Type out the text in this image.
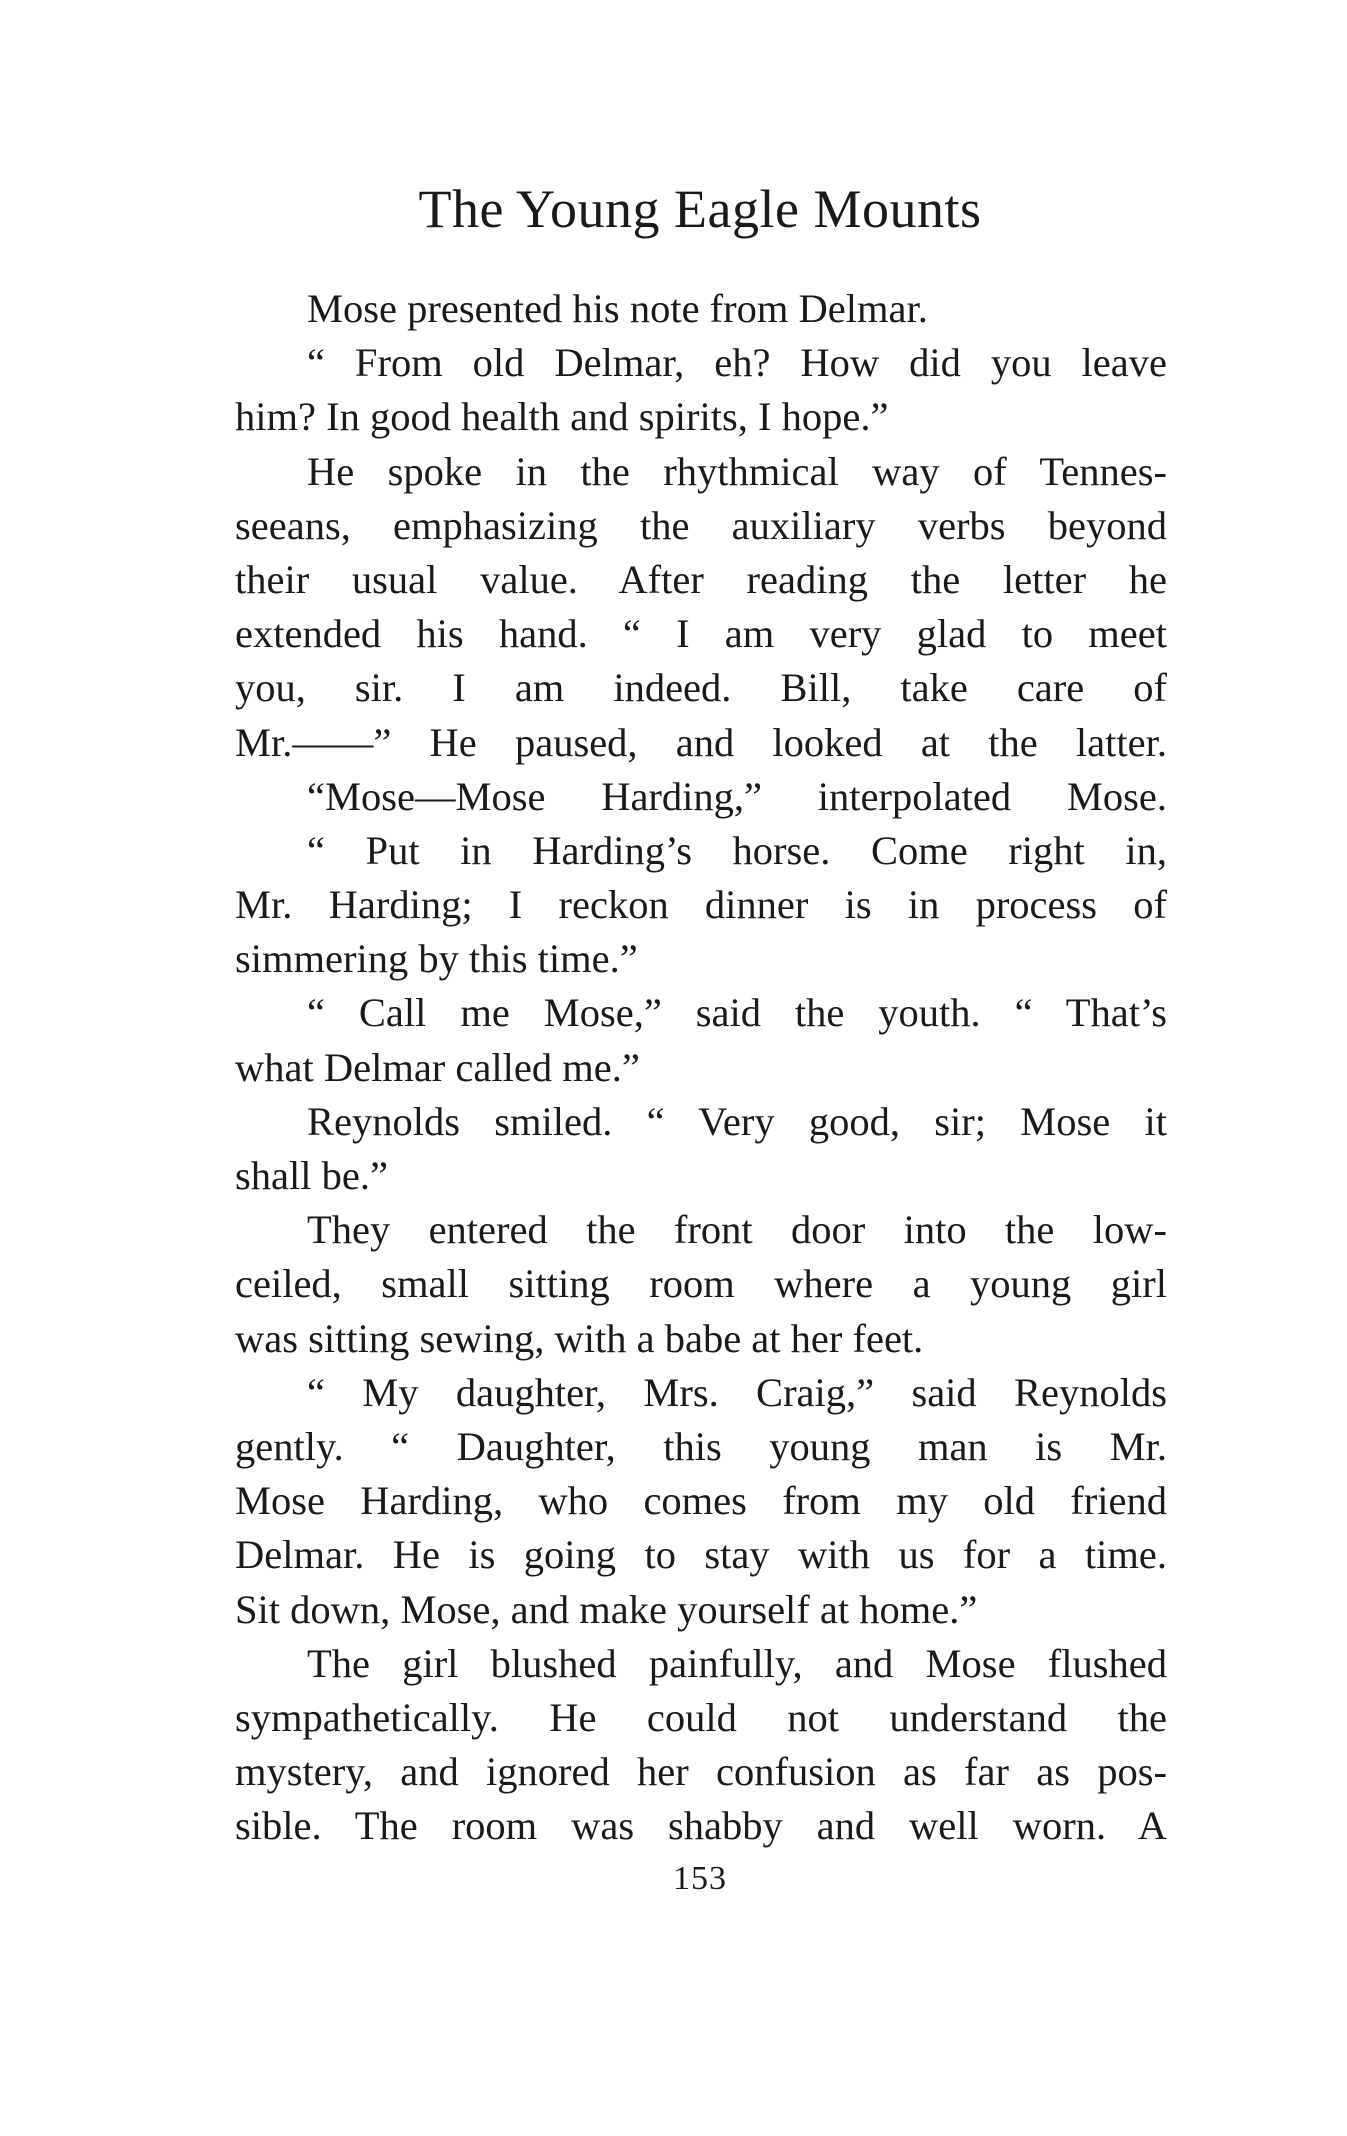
The Young Eagle Mounts
Mose presented his note from Delmar.
“ From old Delmar, eh? How did you leave
him? In good health and spirits, I hope.”
He spoke in the rhythmical way of Tennes-
seeans, emphasizing the auxiliary verbs beyond
their usual value. After reading the letter he
extended his hand. “ I am very glad to meet
you, sir. I am indeed. Bill, take care of
Mr.——” He paused, and looked at the latter.
“Mose—Mose Harding,” interpolated Mose.
“ Put in Harding’s horse. Come right in,
Mr. Harding; I reckon dinner is in process of
simmering by this time.”
“ Call me Mose,” said the youth. “ That’s
what Delmar called me.”
Reynolds smiled. “ Very good, sir; Mose it
shall be.”
They entered the front door into the low-
ceiled, small sitting room where a young girl
was sitting sewing, with a babe at her feet.
“ My daughter, Mrs. Craig,” said Reynolds
gently. “ Daughter, this young man is Mr.
Mose Harding, who comes from my old friend
Delmar. He is going to stay with us for a time.
Sit down, Mose, and make yourself at home.”
The girl blushed painfully, and Mose flushed
sympathetically. He could not understand the
mystery, and ignored her confusion as far as pos-
sible. The room was shabby and well worn. A
153
